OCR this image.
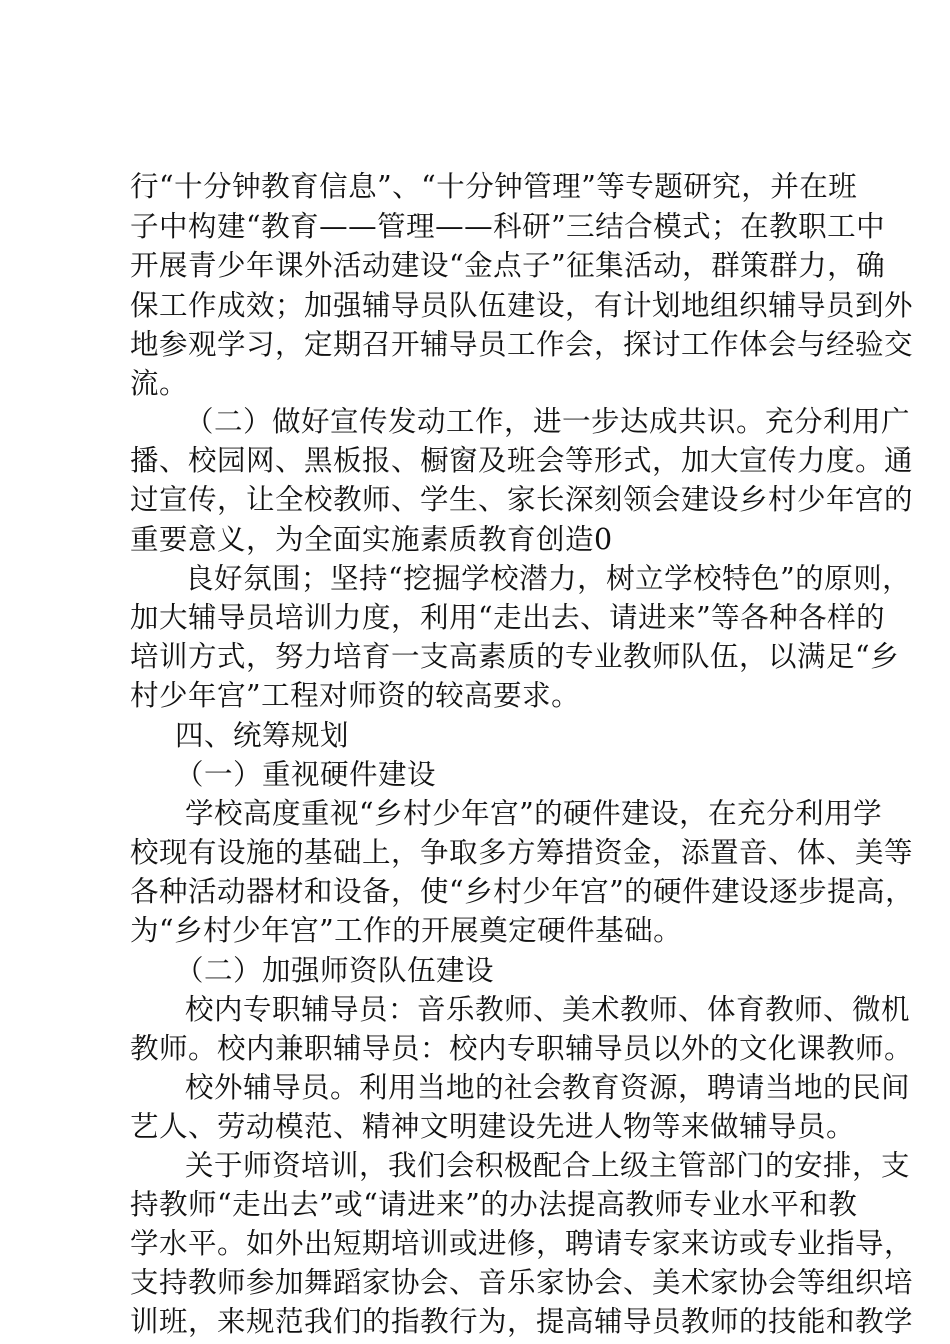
行“十分钟教育信息”、“十分钟管理”等专题研究，并在班
子中构建“教育——管理——科研”三结合模式；在教职工中
开展青少年课外活动建设“金点子”征集活动，群策群力，确
保工作成效；加强辅导员队伍建设，有计划地组织辅导员到外
地参观学习，定期召开辅导员工作会，探讨工作体会与经验交
流。
（二）做好宣传发动工作，进一步达成共识。充分利用广
播、校园网、黑板报、橱窗及班会等形式，加大宣传力度。通
过宣传，让全校教师、学生、家长深刻领会建设乡村少年宫的
重要意义，为全面实施素质教育创造0
良好氛围；坚持“挖掘学校潜力，树立学校特色”的原则，
加大辅导员培训力度，利用“走出去、请进来”等各种各样的
培训方式，努力培育一支高素质的专业教师队伍，以满足“乡
村少年宫”工程对师资的较高要求。
四、统筹规划
（一）重视硬件建设
学校高度重视“乡村少年宫”的硬件建设，在充分利用学
校现有设施的基础上，争取多方筹措资金，添置音、体、美等
各种活动器材和设备，使“乡村少年宫”的硬件建设逐步提高，
为“乡村少年宫”工作的开展奠定硬件基础。
（二）加强师资队伍建设
校内专职辅导员：音乐教师、美术教师、体育教师、微机
教师。校内兼职辅导员：校内专职辅导员以外的文化课教师。
校外辅导员。利用当地的社会教育资源，聘请当地的民间
艺人、劳动模范、精神文明建设先进人物等来做辅导员。
关于师资培训，我们会积极配合上级主管部门的安排，支
持教师“走出去”或“请进来”的办法提高教师专业水平和教
学水平。如外出短期培训或进修，聘请专家来访或专业指导，
支持教师参加舞蹈家协会、音乐家协会、美术家协会等组织培
训班，来规范我们的指教行为，提高辅导员教师的技能和教学
